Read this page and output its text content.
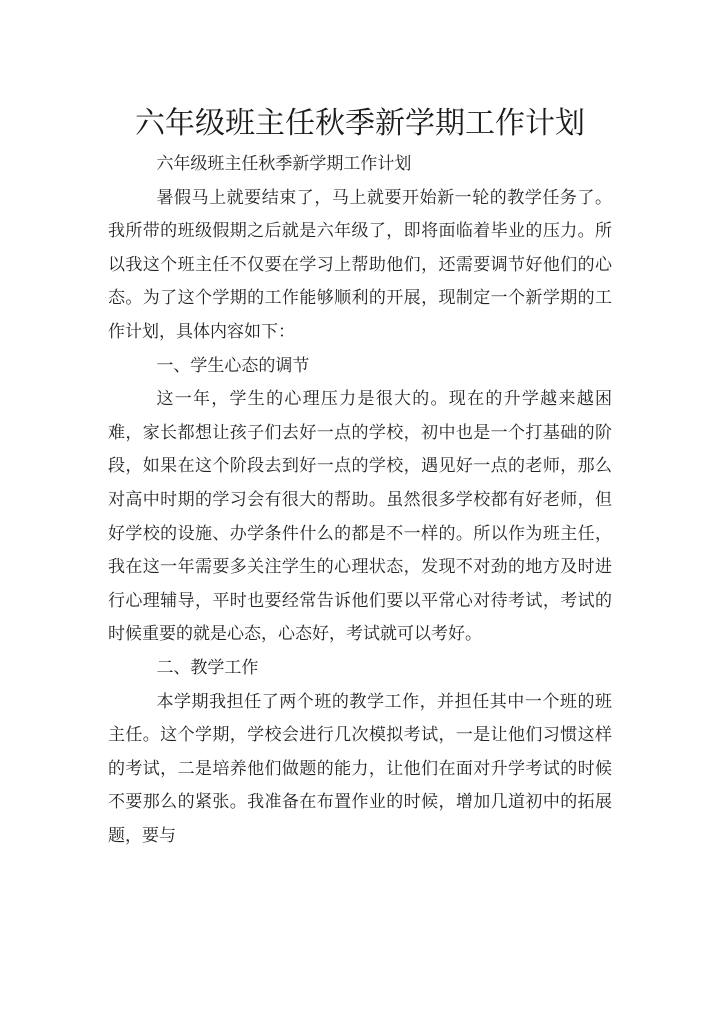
六年级班主任秋季新学期工作计划

六年级班主任秋季新学期工作计划

暑假马上就要结束了，马上就要开始新一轮的教学任务了。我所带的班级假期之后就是六年级了，即将面临着毕业的压力。所以我这个班主任不仅要在学习上帮助他们，还需要调节好他们的心态。为了这个学期的工作能够顺利的开展，现制定一个新学期的工作计划，具体内容如下：

一、学生心态的调节

这一年，学生的心理压力是很大的。现在的升学越来越困难，家长都想让孩子们去好一点的学校，初中也是一个打基础的阶段，如果在这个阶段去到好一点的学校，遇见好一点的老师，那么对高中时期的学习会有很大的帮助。虽然很多学校都有好老师，但好学校的设施、办学条件什么的都是不一样的。所以作为班主任，我在这一年需要多关注学生的心理状态，发现不对劲的地方及时进行心理辅导，平时也要经常告诉他们要以平常心对待考试，考试的时候重要的就是心态，心态好，考试就可以考好。

二、教学工作

本学期我担任了两个班的教学工作，并担任其中一个班的班主任。这个学期，学校会进行几次模拟考试，一是让他们习惯这样的考试，二是培养他们做题的能力，让他们在面对升学考试的时候不要那么的紧张。我准备在布置作业的时候，增加几道初中的拓展题，要与
